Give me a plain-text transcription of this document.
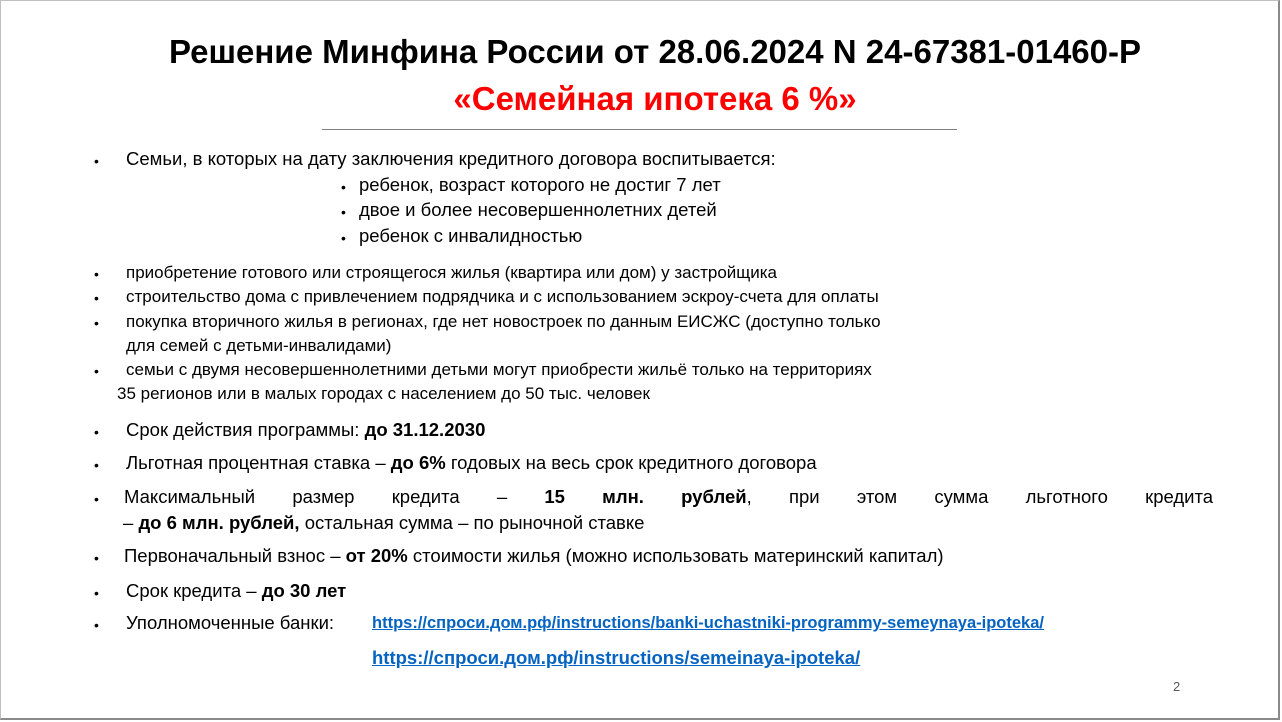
Решение Минфина России от 28.06.2024 N 24-67381-01460-Р
«Семейная ипотека 6 %»
• Семьи, в которых на дату заключения кредитного договора воспитывается:
• ребенок, возраст которого не достиг 7 лет
• двое и более несовершеннолетних детей
• ребенок с инвалидностью
• приобретение готового или строящегося жилья (квартира или дом) у застройщика
• строительство дома с привлечением подрядчика и с использованием эскроу-счета для оплаты
• покупка вторичного жилья в регионах, где нет новостроек по данным ЕИСЖС (доступно только
для семей с детьми-инвалидами)
• семьи с двумя несовершеннолетними детьми могут приобрести жильё только на территориях
35 регионов или в малых городах с населением до 50 тыс. человек
• Срок действия программы: до 31.12.2030
• Льготная процентная ставка – до 6% годовых на весь срок кредитного договора
• Максимальный размер кредита – 15 млн. рублей, при этом сумма льготного кредита
– до 6 млн. рублей, остальная сумма – по рыночной ставке
• Первоначальный взнос – от 20% стоимости жилья (можно использовать материнский капитал)
• Срок кредита – до 30 лет
• Уполномоченные банки: https://спроси.дом.рф/instructions/banki-uchastniki-programmy-semeynaya-ipoteka/
https://спроси.дом.рф/instructions/semeinaya-ipoteka/
2
